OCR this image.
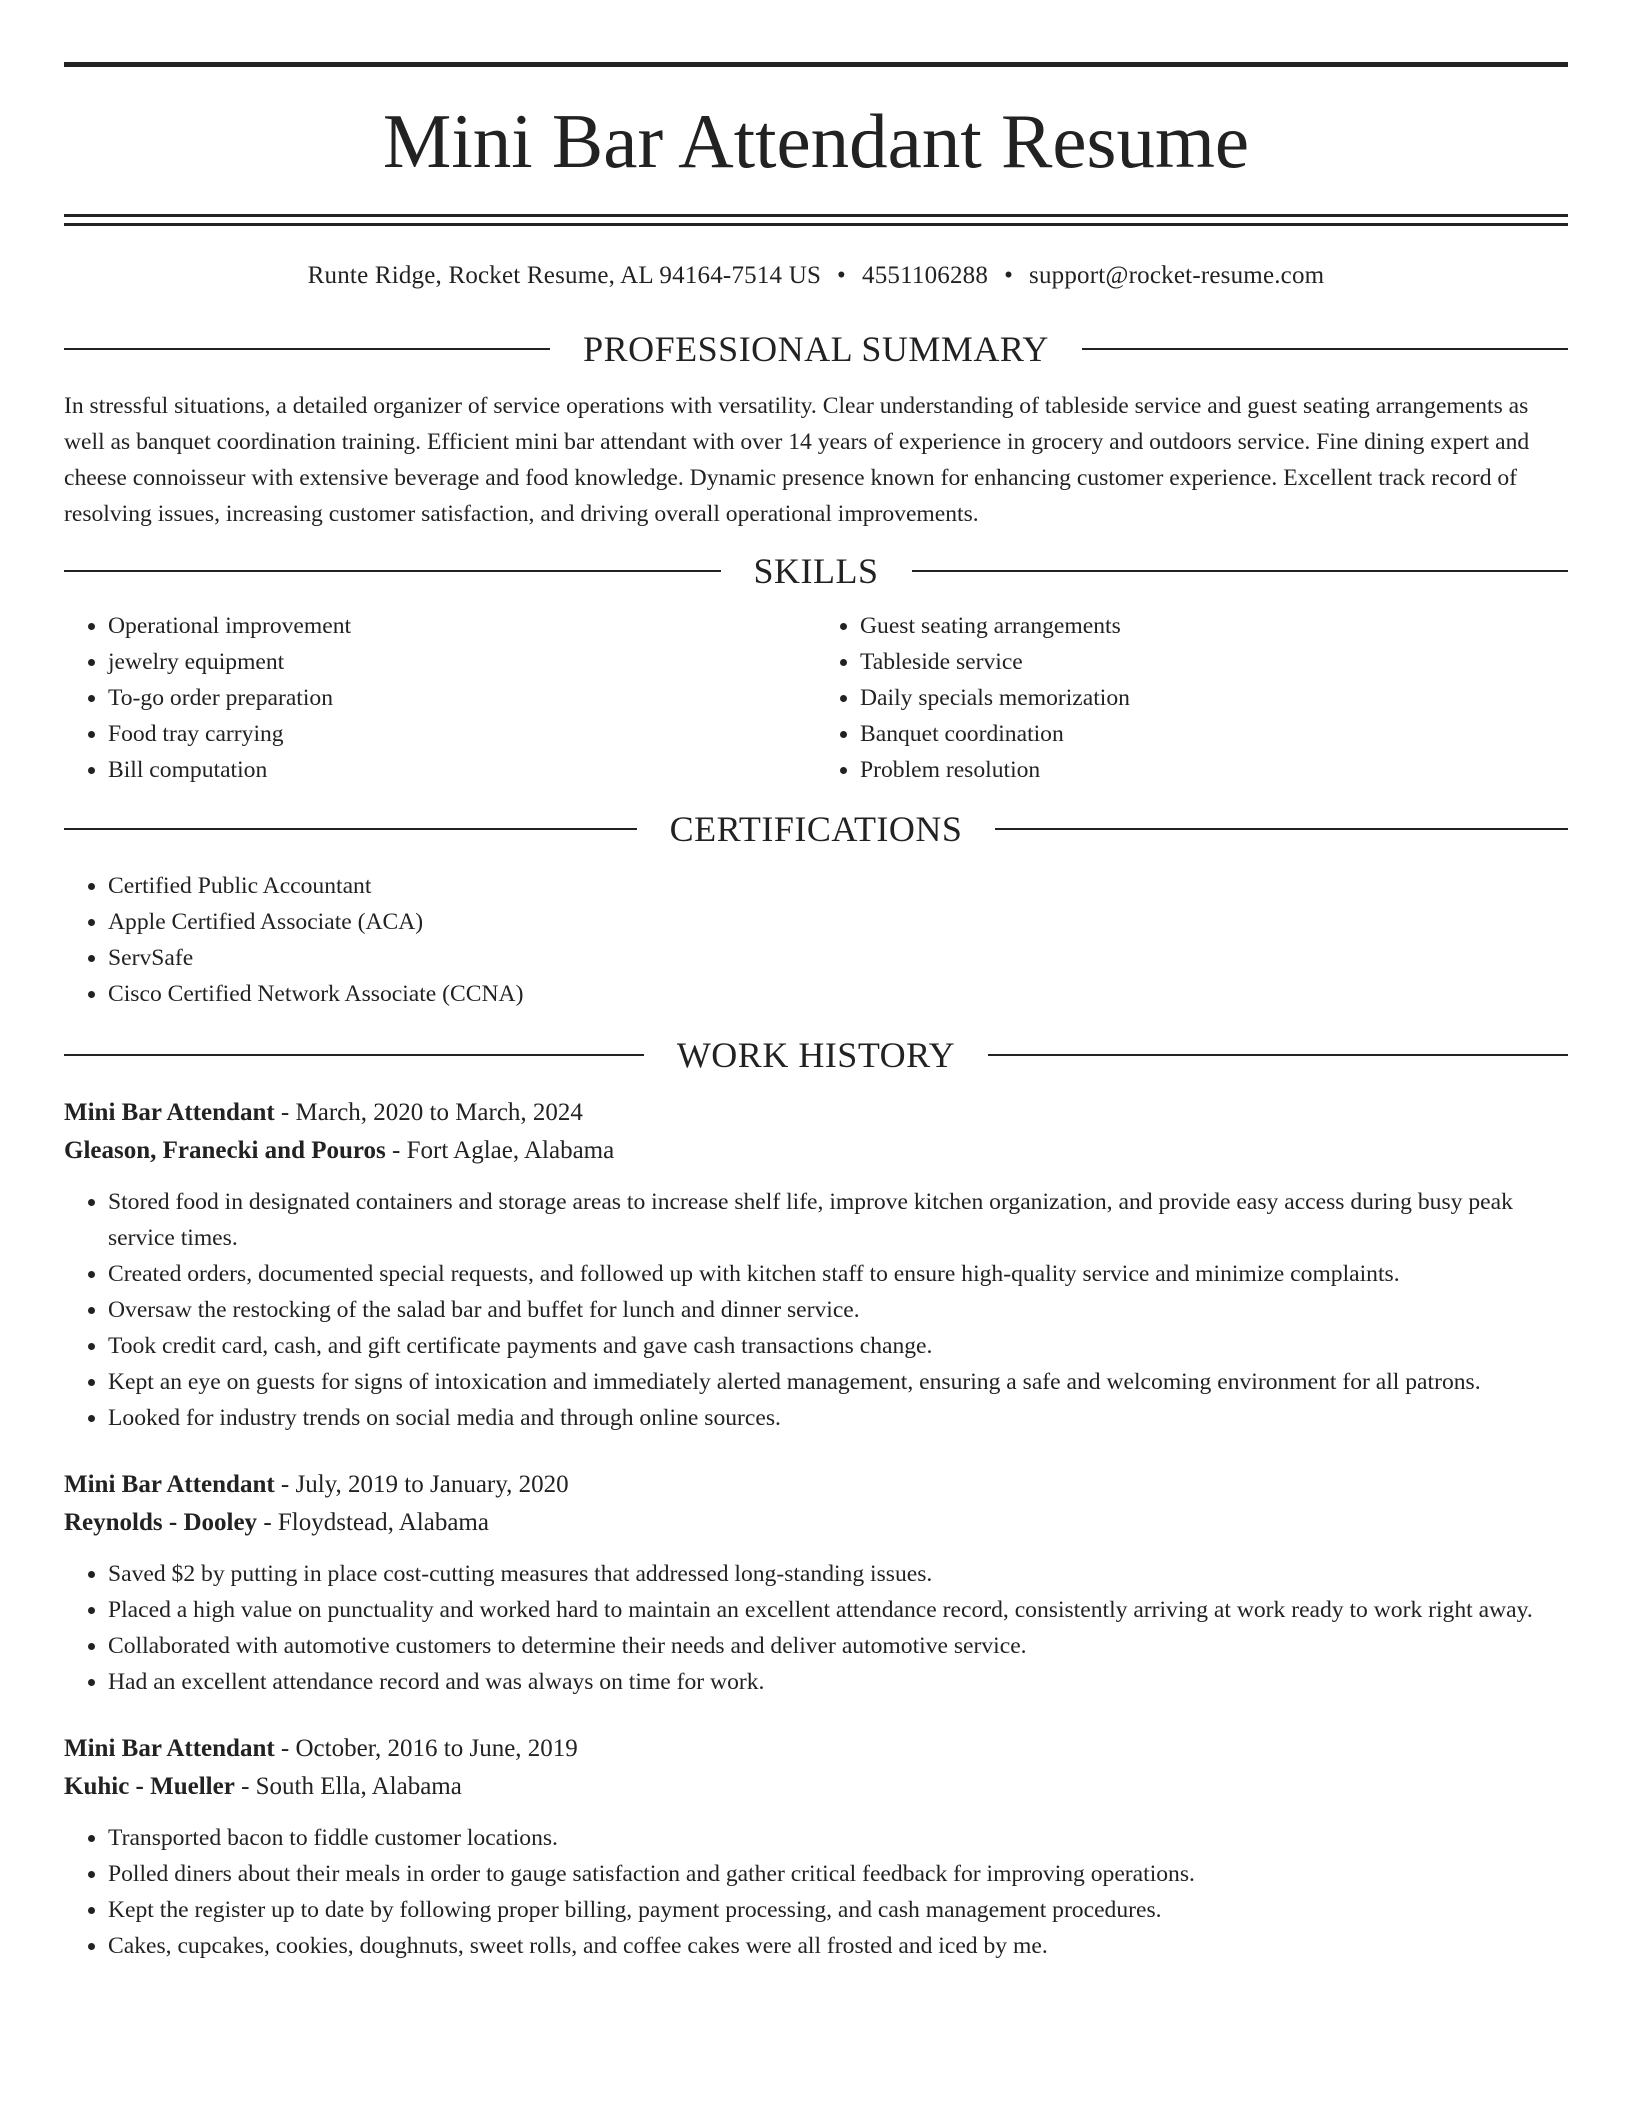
Mini Bar Attendant Resume
Runte Ridge, Rocket Resume, AL 94164-7514 US • 4551106288 • support@rocket-resume.com
PROFESSIONAL SUMMARY

In stressful situations, a detailed organizer of service operations with versatility. Clear understanding of tableside service and guest seating arrangements as well as banquet coordination training. Efficient mini bar attendant with over 14 years of experience in grocery and outdoors service. Fine dining expert and cheese connoisseur with extensive beverage and food knowledge. Dynamic presence known for enhancing customer experience. Excellent track record of resolving issues, increasing customer satisfaction, and driving overall operational improvements.

SKILLS
• Operational improvement
• jewelry equipment
• To-go order preparation
• Food tray carrying
• Bill computation
• Guest seating arrangements
• Tableside service
• Daily specials memorization
• Banquet coordination
• Problem resolution
CERTIFICATIONS
• Certified Public Accountant
• Apple Certified Associate (ACA)
• ServSafe
• Cisco Certified Network Associate (CCNA)
WORK HISTORY
Mini Bar Attendant - March, 2020 to March, 2024
Gleason, Franecki and Pouros - Fort Aglae, Alabama
• Stored food in designated containers and storage areas to increase shelf life, improve kitchen organization, and provide easy access during busy peak service times.
• Created orders, documented special requests, and followed up with kitchen staff to ensure high-quality service and minimize complaints.
• Oversaw the restocking of the salad bar and buffet for lunch and dinner service.
• Took credit card, cash, and gift certificate payments and gave cash transactions change.
• Kept an eye on guests for signs of intoxication and immediately alerted management, ensuring a safe and welcoming environment for all patrons.
• Looked for industry trends on social media and through online sources.
Mini Bar Attendant - July, 2019 to January, 2020
Reynolds - Dooley - Floydstead, Alabama
• Saved $2 by putting in place cost-cutting measures that addressed long-standing issues.
• Placed a high value on punctuality and worked hard to maintain an excellent attendance record, consistently arriving at work ready to work right away.
• Collaborated with automotive customers to determine their needs and deliver automotive service.
• Had an excellent attendance record and was always on time for work.
Mini Bar Attendant - October, 2016 to June, 2019
Kuhic - Mueller - South Ella, Alabama
• Transported bacon to fiddle customer locations.
• Polled diners about their meals in order to gauge satisfaction and gather critical feedback for improving operations.
• Kept the register up to date by following proper billing, payment processing, and cash management procedures.
• Cakes, cupcakes, cookies, doughnuts, sweet rolls, and coffee cakes were all frosted and iced by me.
